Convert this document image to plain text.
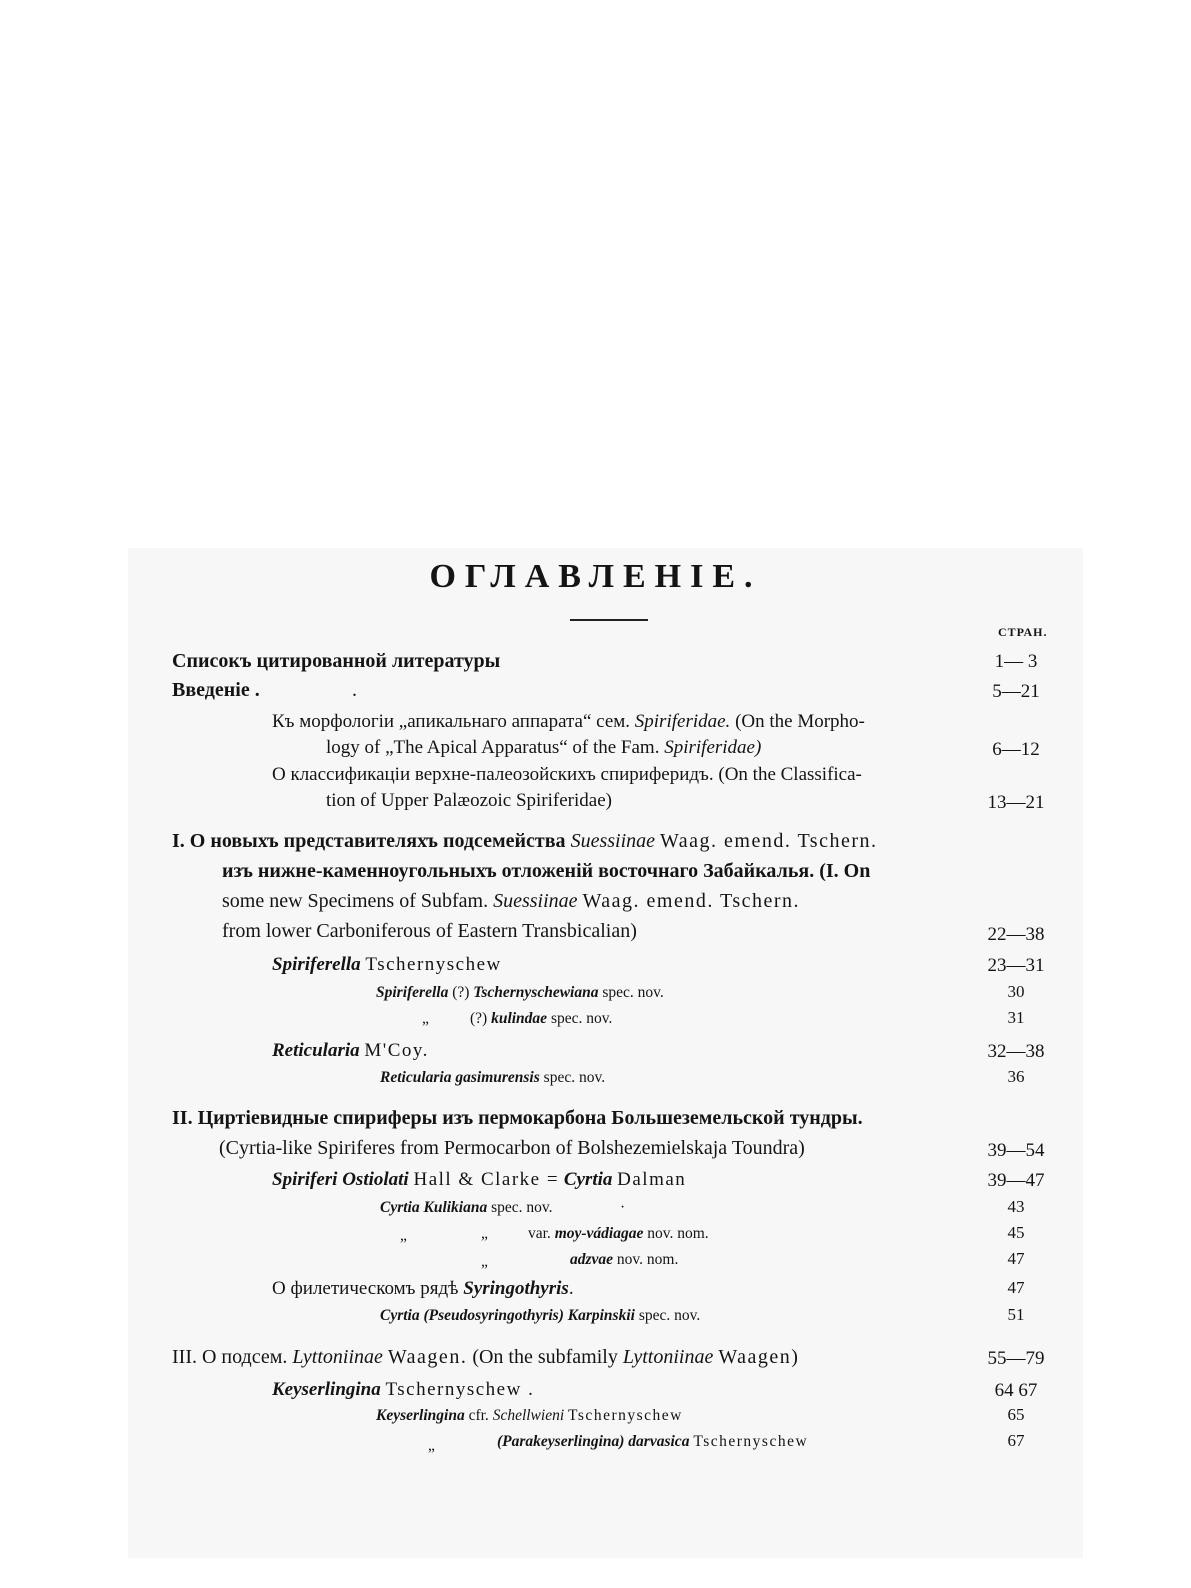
ОГЛАВЛЕНІЕ.
СТРАН.
Списокъ цитированной литературы	1— 3
Введеніе .	.	5—21
Къ морфологіи „апикальнаго аппарата“ сем. Spiriferidae. (On the Morpho-
logy of „The Apical Apparatus“ of the Fam. Spiriferidae)	6—12
О классификаціи верхне-палеозойскихъ спириферидъ. (On the Classifica-
tion of Upper Palæozoic Spiriferidae)	13—21
I. О новыхъ представителяхъ подсемейства Suessiinae Waag. emend. Tschern.
изъ нижне-каменноугольныхъ отложеній восточнаго Забайкалья. (I. On
some new Specimens of Subfam. Suessiinae Waag. emend. Tschern.
from lower Carboniferous of Eastern Transbicalian)	22—38
Spiriferella Tschernyschew	23—31
Spiriferella (?) Tschernyschewiana spec. nov.	30
„	(?) kulindae spec. nov.	31
Reticularia M'Coy.	32—38
Reticularia gasimurensis spec. nov.	36
II. Циртіевидные спириферы изъ пермокарбона Большеземельской тундры.
(Cyrtia-like Spiriferes from Permocarbon of Bolshezemielskaja Toundra)	39—54
Spiriferi Ostiolati Hall & Clarke = Cyrtia Dalman	39—47
Cyrtia Kulikiana spec. nov.	·	43
„	„	var. moy-vádiagae nov. nom.	45
„	adzvae nov. nom.	47
О филетическомъ рядѣ Syringothyris.	47
Cyrtia (Pseudosyringothyris) Karpinskii spec. nov.	51
III. О подсем. Lyttoniinae Waagen. (On the subfamily Lyttoniinae Waagen)	55—79
Keyserlingina Tschernyschew .	64 67
Keyserlingina cfr. Schellwieni Tschernyschew	65
„	(Parakeyserlingina) darvasica Tschernyschew	67
